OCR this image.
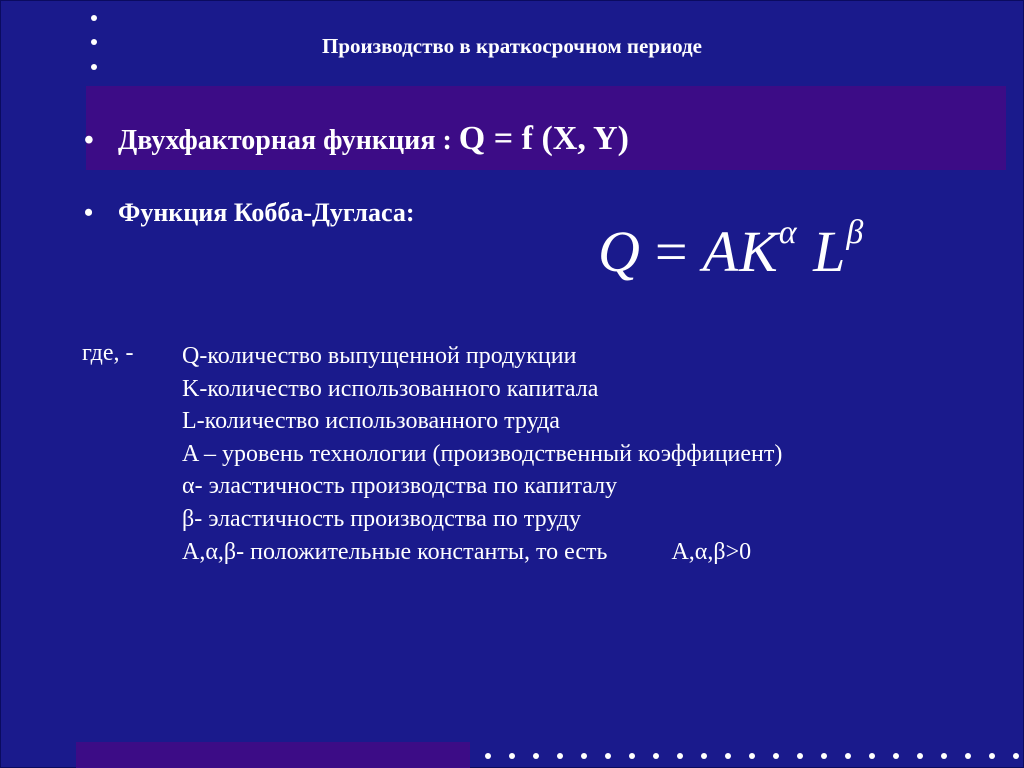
Производство в краткосрочном периоде
• Двухфакторная функция : Q = f (X, Y)
• Функция Кобба-Дугласа:
$Q = AK^\alpha$ $L^\beta$
где, - Q-количество выпущенной продукции
K-количество использованного капитала
L-количество использованного труда
A – уровень технологии (производственный коэффициент)
α- эластичность производства по капиталу
β- эластичность производства по труду
A,α,β- положительные константы, то есть	A,α,β>0
